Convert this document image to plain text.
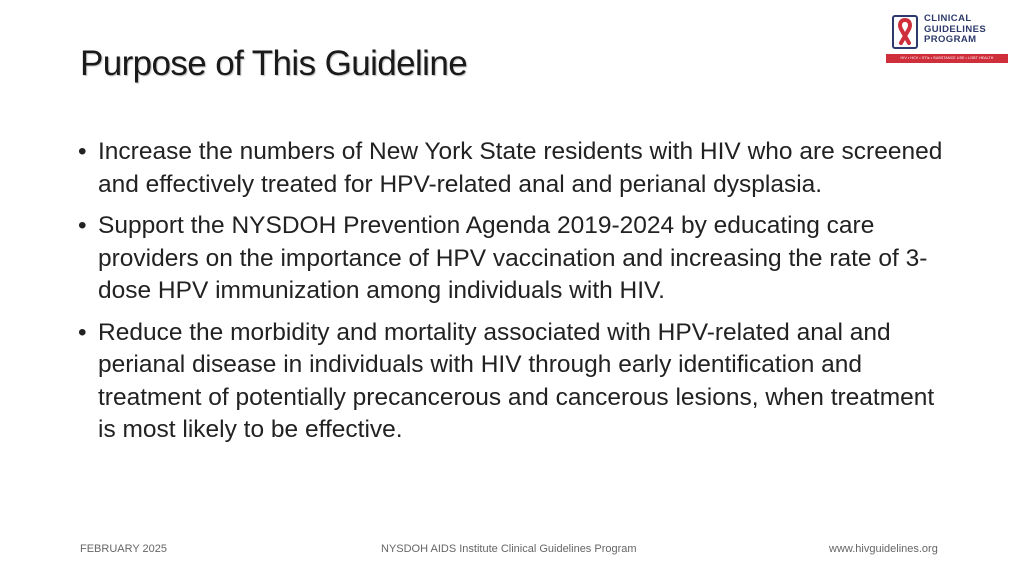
Purpose of This Guideline
CLINICAL
GUIDELINES
PROGRAM
HIV • HCV • STIs • SUBSTANCE USE • LGBT HEALTH
• Increase the numbers of New York State residents with HIV who are screened and effectively treated for HPV-related anal and perianal dysplasia.
• Support the NYSDOH Prevention Agenda 2019-2024 by educating care providers on the importance of HPV vaccination and increasing the rate of 3-dose HPV immunization among individuals with HIV.
• Reduce the morbidity and mortality associated with HPV-related anal and perianal disease in individuals with HIV through early identification and treatment of potentially precancerous and cancerous lesions, when treatment is most likely to be effective.
FEBRUARY 2025	NYSDOH AIDS Institute Clinical Guidelines Program	www.hivguidelines.org
